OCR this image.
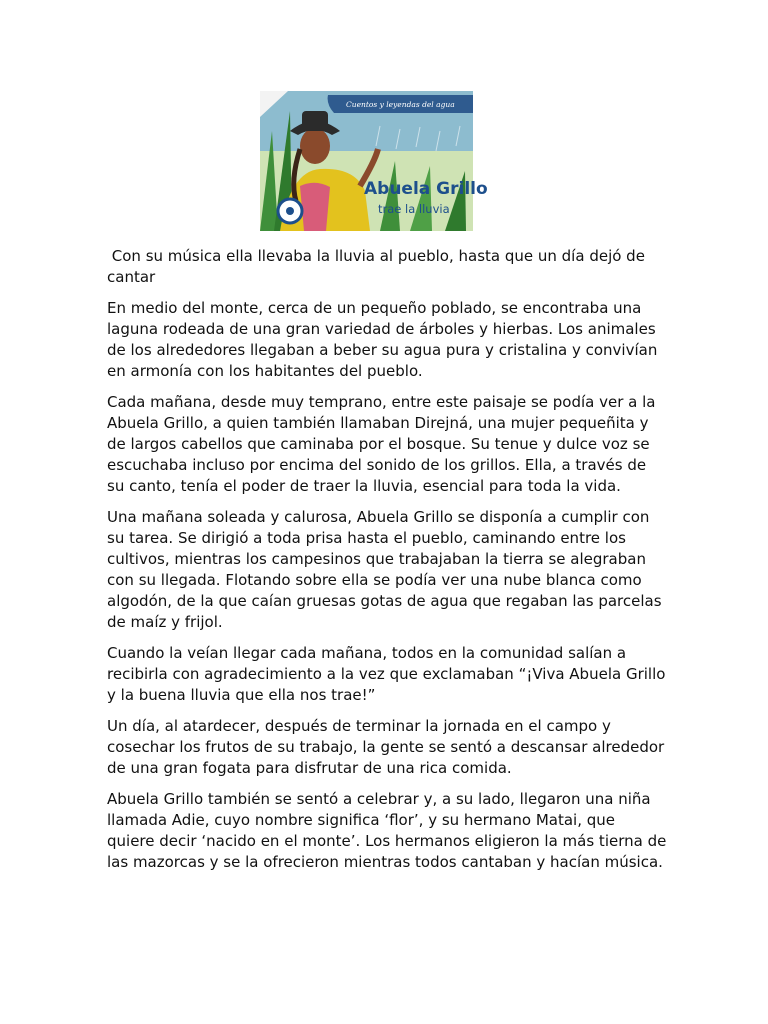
Cuentos y leyendas del agua
Abuela Grillo
trae la lluvia

Con su música ella llevaba la lluvia al pueblo, hasta que un día dejó de cantar

En medio del monte, cerca de un pequeño poblado, se encontraba una laguna rodeada de una gran variedad de árboles y hierbas. Los animales de los alrededores llegaban a beber su agua pura y cristalina y convivían en armonía con los habitantes del pueblo.

Cada mañana, desde muy temprano, entre este paisaje se podía ver a la Abuela Grillo, a quien también llamaban Direjná, una mujer pequeñita y de largos cabellos que caminaba por el bosque. Su tenue y dulce voz se escuchaba incluso por encima del sonido de los grillos. Ella, a través de su canto, tenía el poder de traer la lluvia, esencial para toda la vida.

Una mañana soleada y calurosa, Abuela Grillo se disponía a cumplir con su tarea. Se dirigió a toda prisa hasta el pueblo, caminando entre los cultivos, mientras los campesinos que trabajaban la tierra se alegraban con su llegada. Flotando sobre ella se podía ver una nube blanca como algodón, de la que caían gruesas gotas de agua que regaban las parcelas de maíz y frijol.

Cuando la veían llegar cada mañana, todos en la comunidad salían a recibirla con agradecimiento a la vez que exclamaban “¡Viva Abuela Grillo y la buena lluvia que ella nos trae!”

Un día, al atardecer, después de terminar la jornada en el campo y cosechar los frutos de su trabajo, la gente se sentó a descansar alrededor de una gran fogata para disfrutar de una rica comida.

Abuela Grillo también se sentó a celebrar y, a su lado, llegaron una niña llamada Adie, cuyo nombre significa ‘flor’, y su hermano Matai, que quiere decir ‘nacido en el monte’. Los hermanos eligieron la más tierna de las mazorcas y se la ofrecieron mientras todos cantaban y hacían música.
